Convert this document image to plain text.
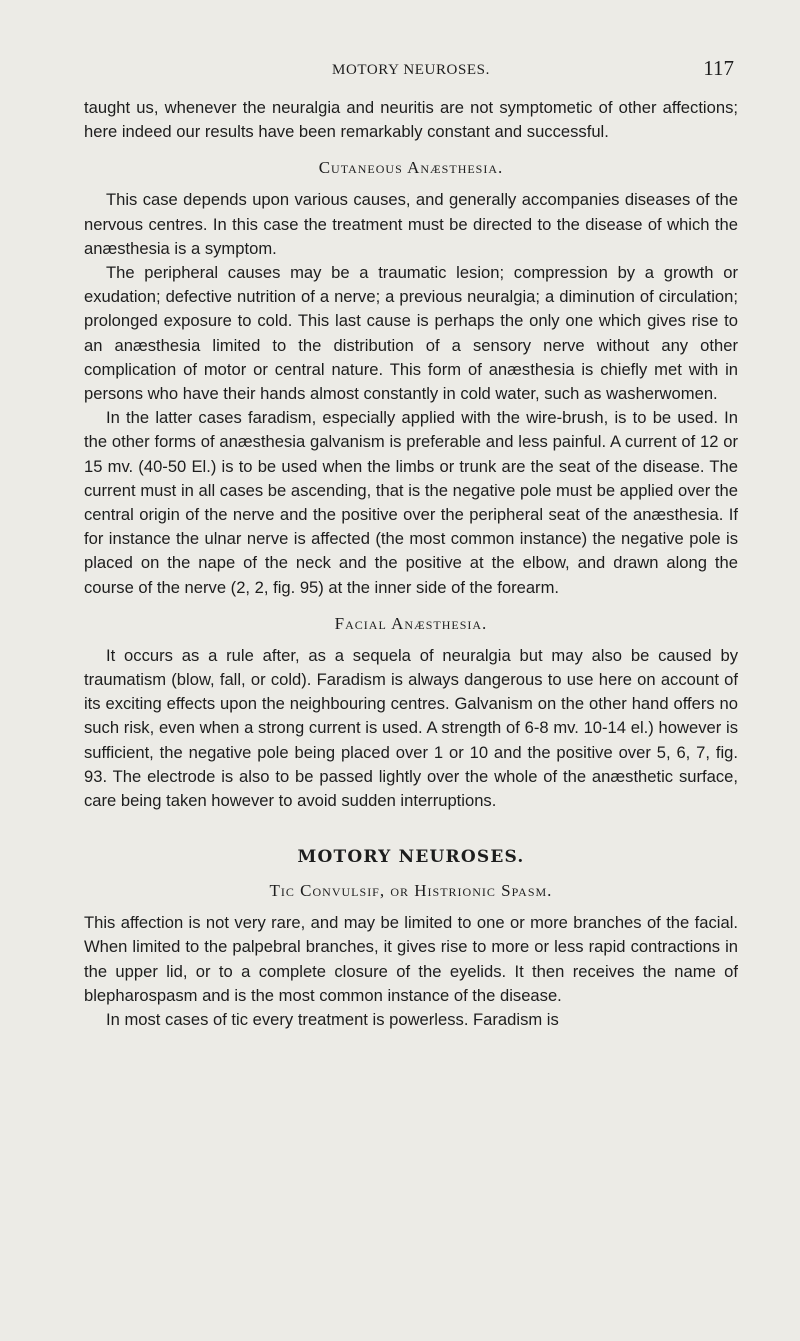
MOTORY NEUROSES.	117

taught us, whenever the neuralgia and neuritis are not symptometic of other affections; here indeed our results have been remarkably constant and successful.

Cutaneous Anæsthesia.

This case depends upon various causes, and generally accompanies diseases of the nervous centres. In this case the treatment must be directed to the disease of which the anæsthesia is a symptom.

The peripheral causes may be a traumatic lesion; compression by a growth or exudation; defective nutrition of a nerve; a previous neuralgia; a diminution of circulation; prolonged exposure to cold. This last cause is perhaps the only one which gives rise to an anæsthesia limited to the distribution of a sensory nerve without any other complication of motor or central nature. This form of anæsthesia is chiefly met with in persons who have their hands almost constantly in cold water, such as washerwomen.

In the latter cases faradism, especially applied with the wire-brush, is to be used. In the other forms of anæsthesia galvanism is preferable and less painful. A current of 12 or 15 mv. (40-50 El.) is to be used when the limbs or trunk are the seat of the disease. The current must in all cases be ascending, that is the negative pole must be applied over the central origin of the nerve and the positive over the peripheral seat of the anæsthesia. If for instance the ulnar nerve is affected (the most common instance) the negative pole is placed on the nape of the neck and the positive at the elbow, and drawn along the course of the nerve (2, 2, fig. 95) at the inner side of the forearm.

Facial Anæsthesia.

It occurs as a rule after, as a sequela of neuralgia but may also be caused by traumatism (blow, fall, or cold). Faradism is always dangerous to use here on account of its exciting effects upon the neighbouring centres. Galvanism on the other hand offers no such risk, even when a strong current is used. A strength of 6-8 mv. 10-14 el.) however is sufficient, the negative pole being placed over 1 or 10 and the positive over 5, 6, 7, fig. 93. The electrode is also to be passed lightly over the whole of the anæsthetic surface, care being taken however to avoid sudden interruptions.

MOTORY NEUROSES.
Tic Convulsif, or Histrionic Spasm.

This affection is not very rare, and may be limited to one or more branches of the facial. When limited to the palpebral branches, it gives rise to more or less rapid contractions in the upper lid, or to a complete closure of the eyelids. It then receives the name of blepharospasm and is the most common instance of the disease.

In most cases of tic every treatment is powerless. Faradism is
